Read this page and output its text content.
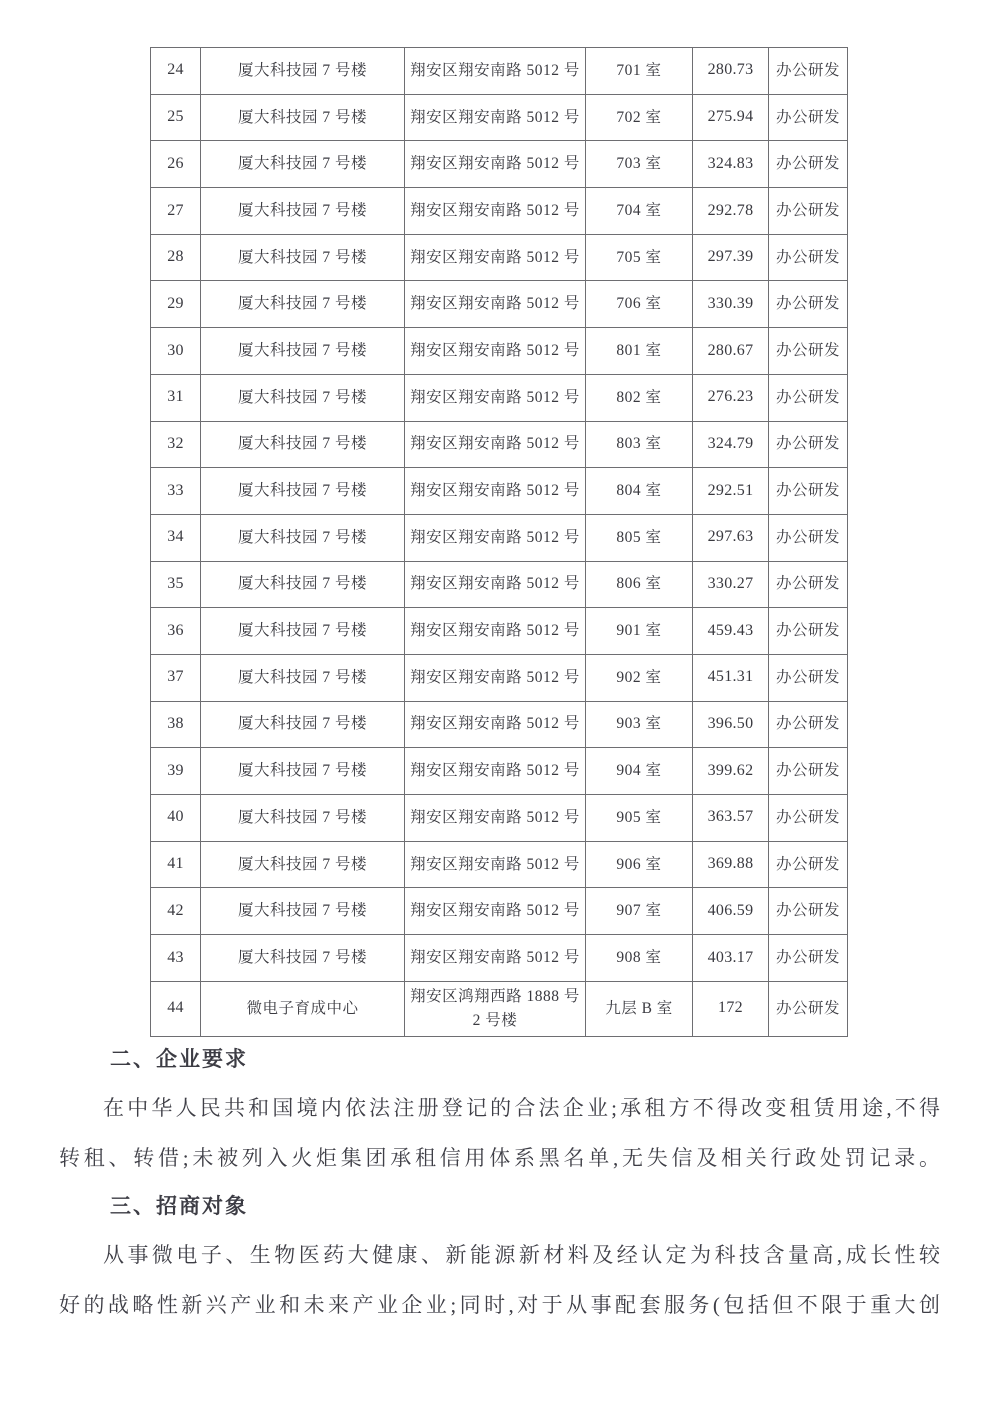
24	厦大科技园 7 号楼	翔安区翔安南路 5012 号	701 室	280.73	办公研发
25	厦大科技园 7 号楼	翔安区翔安南路 5012 号	702 室	275.94	办公研发
26	厦大科技园 7 号楼	翔安区翔安南路 5012 号	703 室	324.83	办公研发
27	厦大科技园 7 号楼	翔安区翔安南路 5012 号	704 室	292.78	办公研发
28	厦大科技园 7 号楼	翔安区翔安南路 5012 号	705 室	297.39	办公研发
29	厦大科技园 7 号楼	翔安区翔安南路 5012 号	706 室	330.39	办公研发
30	厦大科技园 7 号楼	翔安区翔安南路 5012 号	801 室	280.67	办公研发
31	厦大科技园 7 号楼	翔安区翔安南路 5012 号	802 室	276.23	办公研发
32	厦大科技园 7 号楼	翔安区翔安南路 5012 号	803 室	324.79	办公研发
33	厦大科技园 7 号楼	翔安区翔安南路 5012 号	804 室	292.51	办公研发
34	厦大科技园 7 号楼	翔安区翔安南路 5012 号	805 室	297.63	办公研发
35	厦大科技园 7 号楼	翔安区翔安南路 5012 号	806 室	330.27	办公研发
36	厦大科技园 7 号楼	翔安区翔安南路 5012 号	901 室	459.43	办公研发
37	厦大科技园 7 号楼	翔安区翔安南路 5012 号	902 室	451.31	办公研发
38	厦大科技园 7 号楼	翔安区翔安南路 5012 号	903 室	396.50	办公研发
39	厦大科技园 7 号楼	翔安区翔安南路 5012 号	904 室	399.62	办公研发
40	厦大科技园 7 号楼	翔安区翔安南路 5012 号	905 室	363.57	办公研发
41	厦大科技园 7 号楼	翔安区翔安南路 5012 号	906 室	369.88	办公研发
42	厦大科技园 7 号楼	翔安区翔安南路 5012 号	907 室	406.59	办公研发
43	厦大科技园 7 号楼	翔安区翔安南路 5012 号	908 室	403.17	办公研发
44	微电子育成中心	翔安区鸿翔西路 1888 号 2 号楼	九层 B 室	172	办公研发
二、企业要求
在中华人民共和国境内依法注册登记的合法企业;承租方不得改变租赁用途,不得
转租、转借;未被列入火炬集团承租信用体系黑名单,无失信及相关行政处罚记录。
三、招商对象
从事微电子、生物医药大健康、新能源新材料及经认定为科技含量高,成长性较
好的战略性新兴产业和未来产业企业;同时,对于从事配套服务(包括但不限于重大创
